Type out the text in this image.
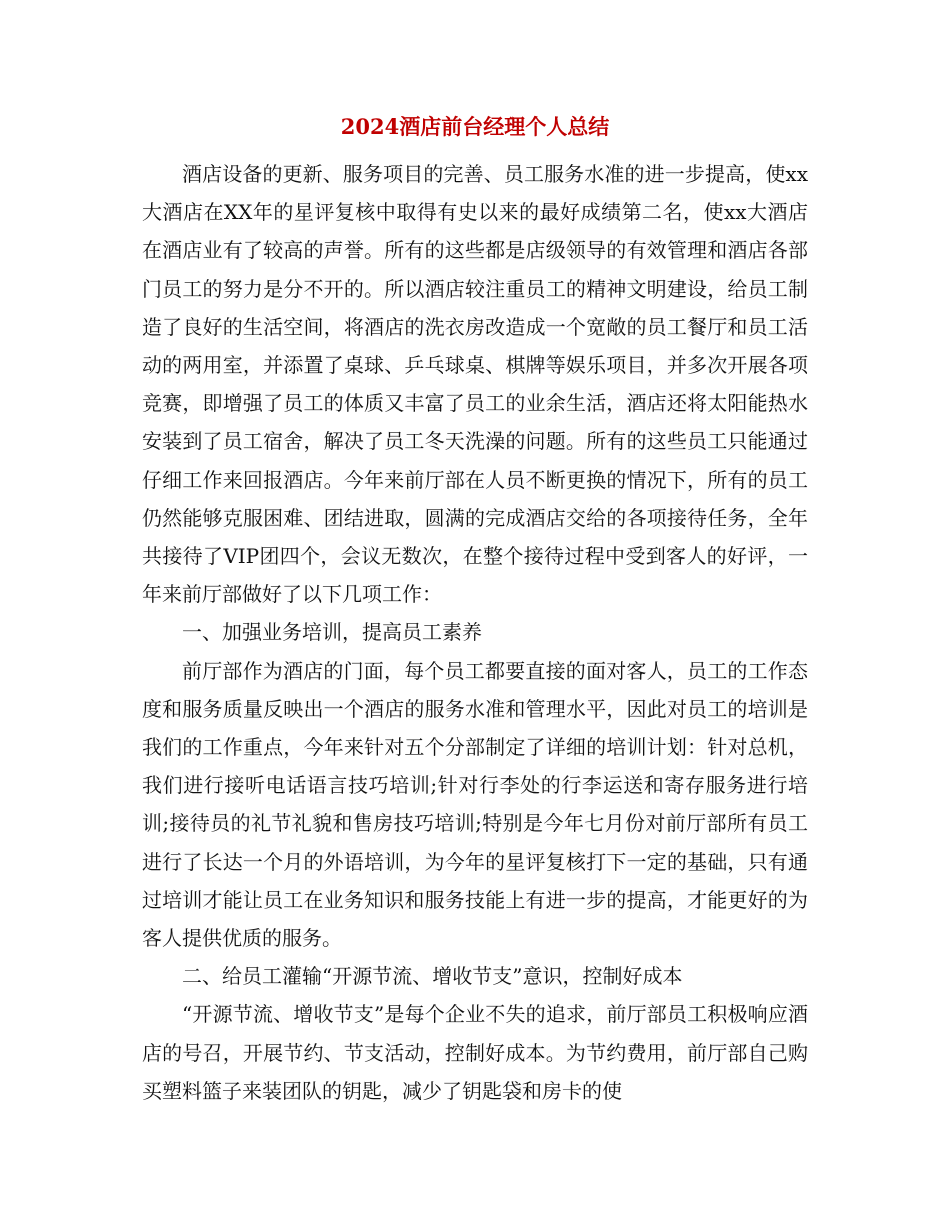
2024酒店前台经理个人总结

酒店设备的更新、服务项目的完善、员工服务水准的进一步提高，使xx大酒店在XX年的星评复核中取得有史以来的最好成绩第二名，使xx大酒店在酒店业有了较高的声誉。所有的这些都是店级领导的有效管理和酒店各部门员工的努力是分不开的。所以酒店较注重员工的精神文明建设，给员工制造了良好的生活空间，将酒店的洗衣房改造成一个宽敞的员工餐厅和员工活动的两用室，并添置了桌球、乒乓球桌、棋牌等娱乐项目，并多次开展各项竞赛，即增强了员工的体质又丰富了员工的业余生活，酒店还将太阳能热水安装到了员工宿舍，解决了员工冬天洗澡的问题。所有的这些员工只能通过仔细工作来回报酒店。今年来前厅部在人员不断更换的情况下，所有的员工仍然能够克服困难、团结进取，圆满的完成酒店交给的各项接待任务，全年共接待了VIP团四个，会议无数次，在整个接待过程中受到客人的好评，一年来前厅部做好了以下几项工作：

一、加强业务培训，提高员工素养

前厅部作为酒店的门面，每个员工都要直接的面对客人，员工的工作态度和服务质量反映出一个酒店的服务水准和管理水平，因此对员工的培训是我们的工作重点，今年来针对五个分部制定了详细的培训计划：针对总机，我们进行接听电话语言技巧培训;针对行李处的行李运送和寄存服务进行培训;接待员的礼节礼貌和售房技巧培训;特别是今年七月份对前厅部所有员工进行了长达一个月的外语培训，为今年的星评复核打下一定的基础，只有通过培训才能让员工在业务知识和服务技能上有进一步的提高，才能更好的为客人提供优质的服务。

二、给员工灌输“开源节流、增收节支”意识，控制好成本

“开源节流、增收节支”是每个企业不失的追求，前厅部员工积极响应酒店的号召，开展节约、节支活动，控制好成本。为节约费用，前厅部自己购买塑料篮子来装团队的钥匙，减少了钥匙袋和房卡的使
